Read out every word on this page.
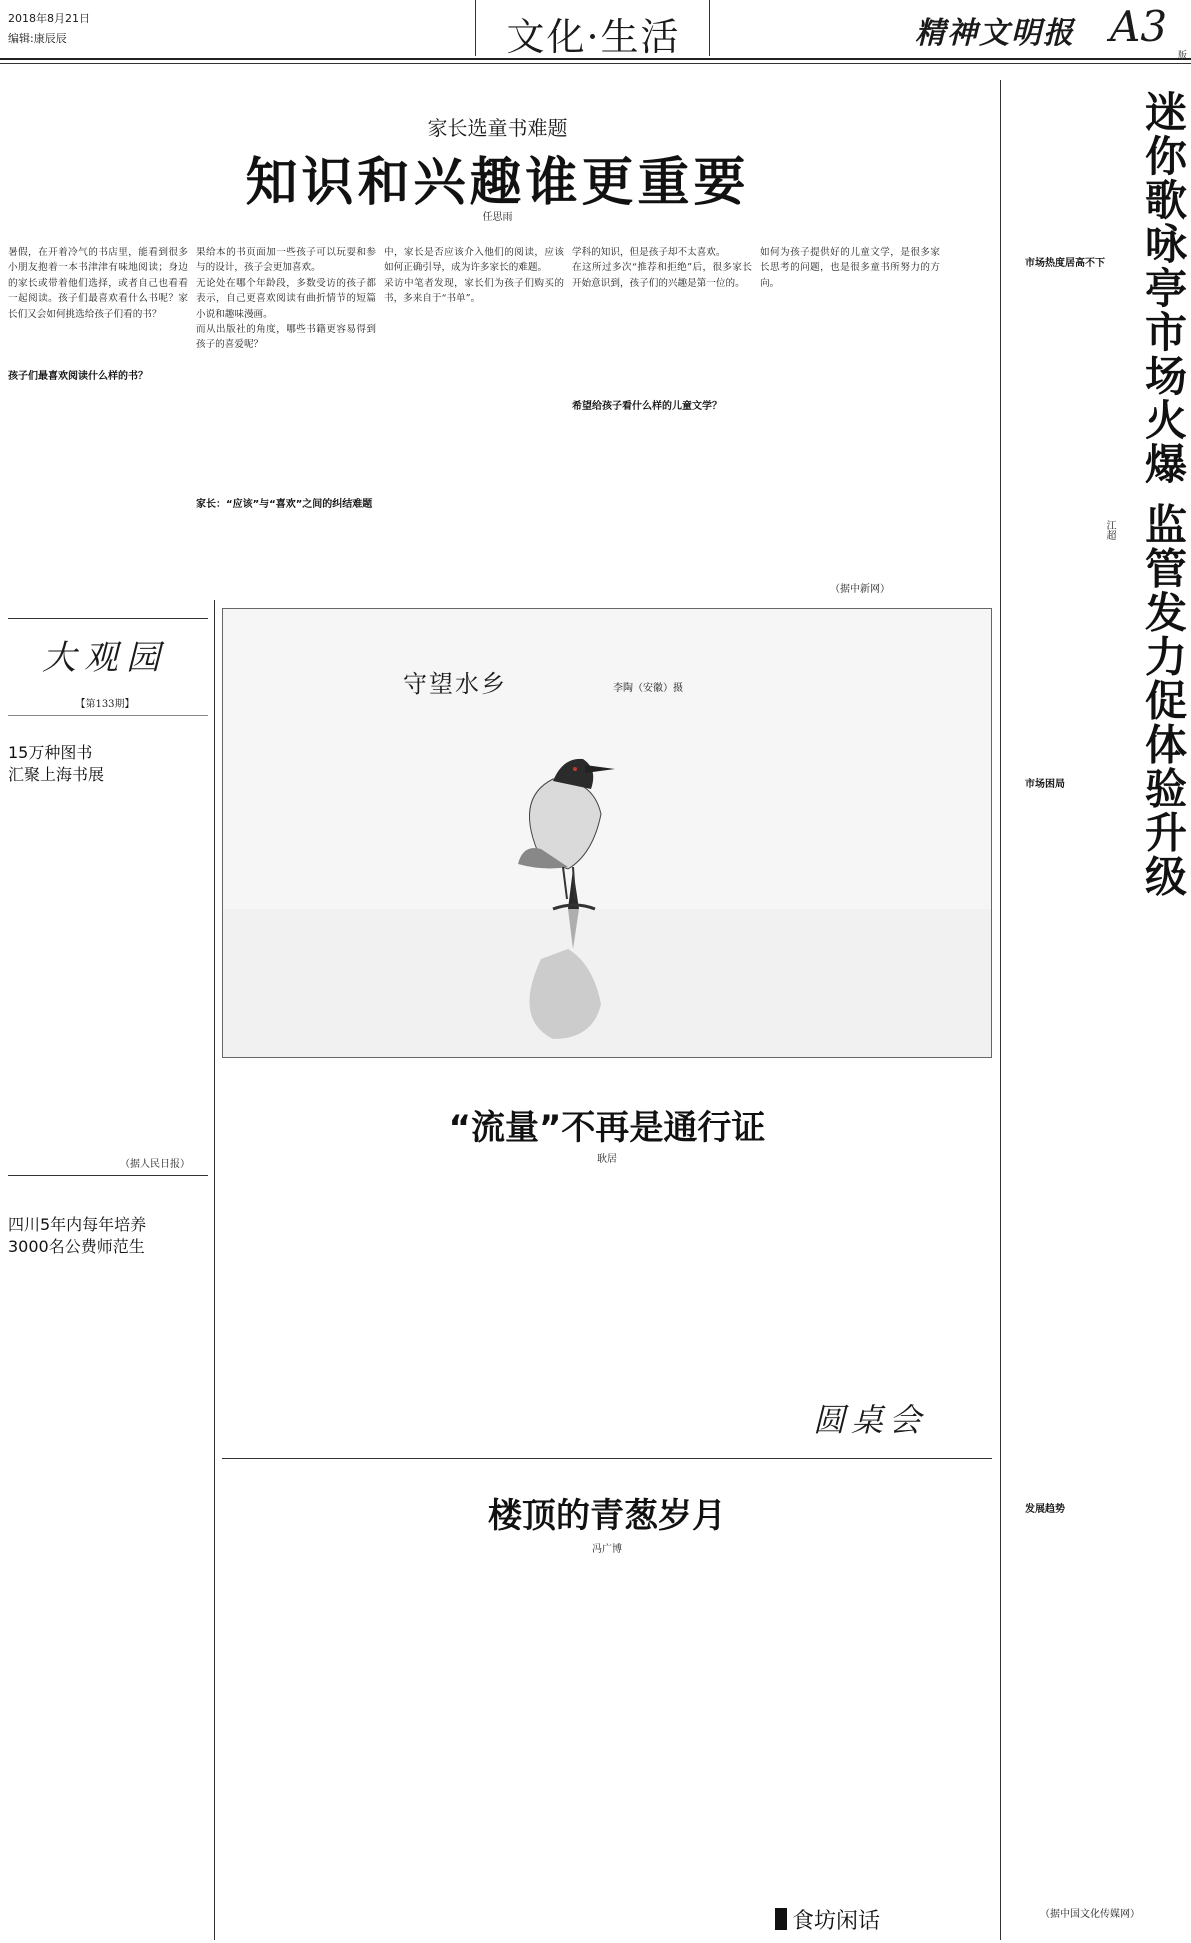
2018年8月21日
编辑:康辰辰	文化·生活	精神文明报 A3
版
家长选童书难题
知识和兴趣谁更重要
任思雨
暑假，在开着冷气的书店里，能看到很多小朋友抱着一本书津津有味地阅读；身边的家长或带着他们选择，或者自己也看看一起阅读。孩子们最喜欢看什么书呢？家长们又会如何挑选给孩子们看的书？
孩子们最喜欢阅读什么样的书？
果给本的书页面加一些孩子可以玩耍和参与的设计，孩子会更加喜欢。
无论处在哪个年龄段，多数受访的孩子都表示，自己更喜欢阅读有曲折情节的短篇小说和趣味漫画。
而从出版社的角度，哪些书籍更容易得到孩子的喜爱呢？
家长：“应该”与“喜欢”之间的纠结难题
中，家长是否应该介入他们的阅读，应该如何正确引导，成为许多家长的难题。
采访中笔者发现，家长们为孩子们购买的书，多来自于“书单”。
学科的知识，但是孩子却不太喜欢。
在这所过多次“推荐和拒绝”后，很多家长开始意识到，孩子们的兴趣是第一位的。
希望给孩子看什么样的儿童文学？
如何为孩子提供好的儿童文学，是很多家长思考的问题，也是很多童书所努力的方向。
（据中新网）	迷你歌咏亭市场火爆 监管发力促体验升级
江超

市场热度居高不下
市场困局
发展趋势
（据中国文化传媒网）
大观园
【第133期】
15万种图书
汇聚上海书展
（据人民日报）
四川5年内每年培养
3000名公费师范生
守望水乡	李陶（安徽）摄
“流量”不再是通行证
耿居
圆桌会
楼顶的青葱岁月
冯广博
食坊闲话
